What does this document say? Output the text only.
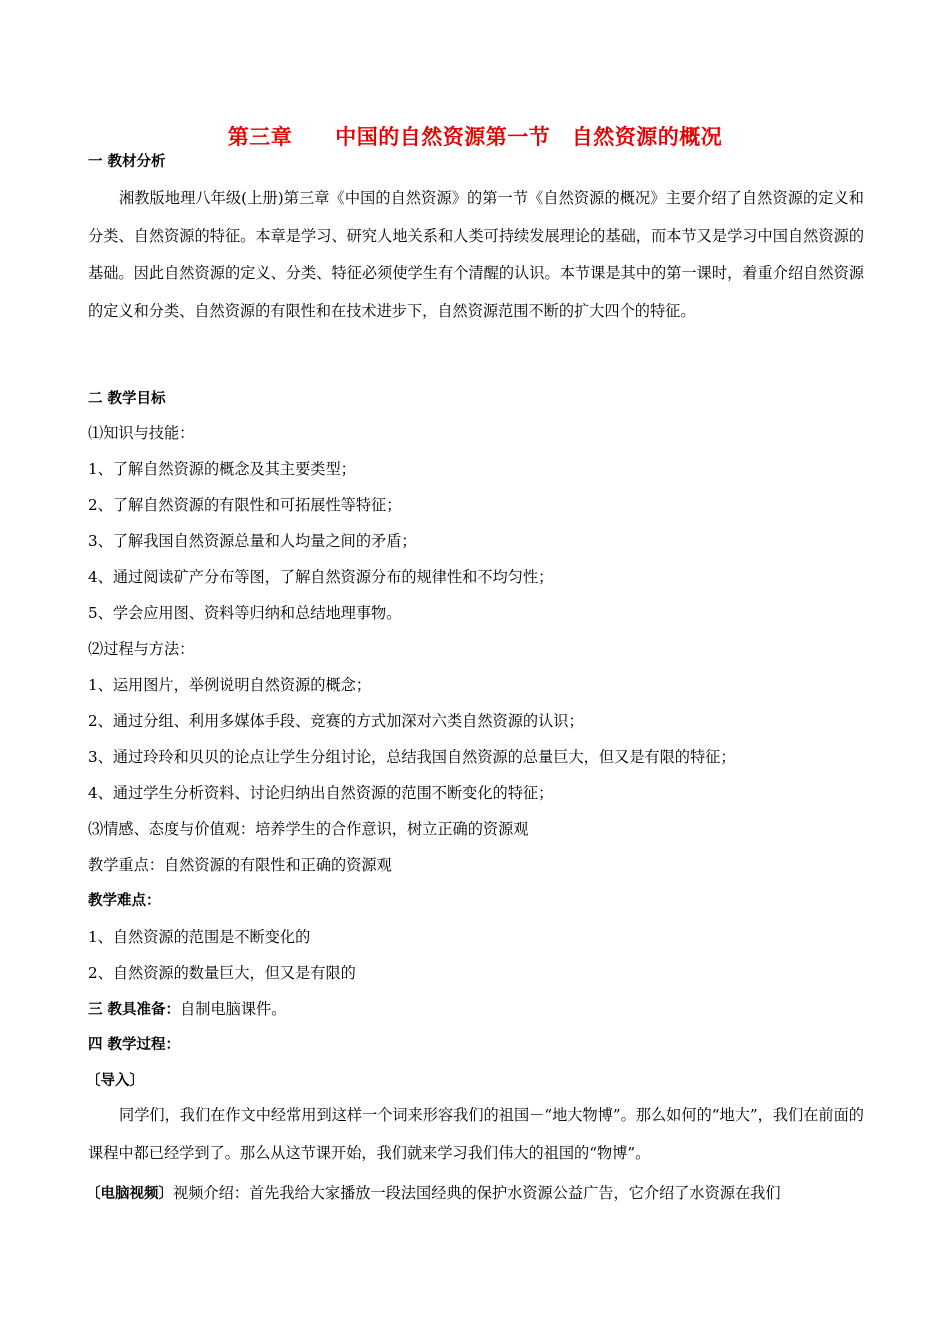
第三章　　中国的自然资源第一节　自然资源的概况
一 教材分析
湘教版地理八年级(上册)第三章《中国的自然资源》的第一节《自然资源的概况》主要介绍了自然资源的定义和分类、自然资源的特征。本章是学习、研究人地关系和人类可持续发展理论的基础，而本节又是学习中国自然资源的基础。因此自然资源的定义、分类、特征必须使学生有个清醒的认识。本节课是其中的第一课时，着重介绍自然资源的定义和分类、自然资源的有限性和在技术进步下，自然资源范围不断的扩大四个的特征。
二 教学目标
⑴知识与技能：
1、了解自然资源的概念及其主要类型；
2、了解自然资源的有限性和可拓展性等特征；
3、了解我国自然资源总量和人均量之间的矛盾；
4、通过阅读矿产分布等图，了解自然资源分布的规律性和不均匀性；
5、学会应用图、资料等归纳和总结地理事物。
⑵过程与方法：
1、运用图片，举例说明自然资源的概念；
2、通过分组、利用多媒体手段、竞赛的方式加深对六类自然资源的认识；
3、通过玲玲和贝贝的论点让学生分组讨论，总结我国自然资源的总量巨大，但又是有限的特征；
4、通过学生分析资料、讨论归纳出自然资源的范围不断变化的特征；
⑶情感、态度与价值观：培养学生的合作意识，树立正确的资源观
教学重点：自然资源的有限性和正确的资源观
教学难点：
1、自然资源的范围是不断变化的
2、自然资源的数量巨大，但又是有限的
三 教具准备：自制电脑课件。
四 教学过程：
〔导入〕
同学们，我们在作文中经常用到这样一个词来形容我们的祖国－“地大物博”。那么如何的“地大”，我们在前面的课程中都已经学到了。那么从这节课开始，我们就来学习我们伟大的祖国的“物博”。
〔电脑视频〕视频介绍：首先我给大家播放一段法国经典的保护水资源公益广告，它介绍了水资源在我们
